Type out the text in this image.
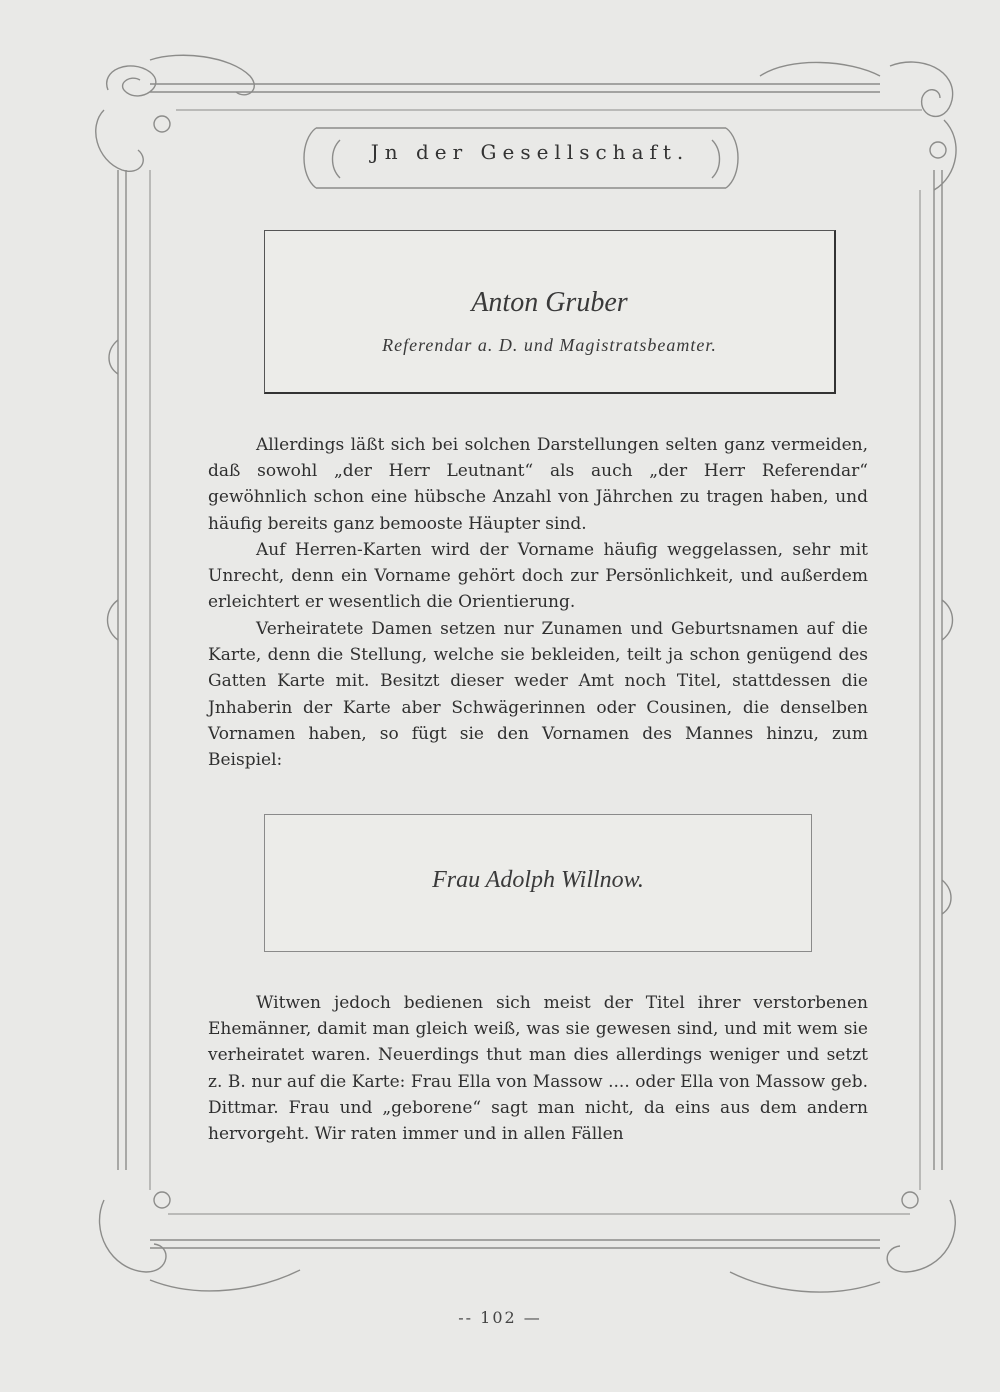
Jn der Gesellschaft.
Anton Gruber
Referendar a. D. und Magistratsbeamter.

Allerdings läßt sich bei solchen Darstellungen selten ganz vermeiden, daß sowohl „der Herr Leutnant“ als auch „der Herr Referendar“ gewöhnlich schon eine hübsche Anzahl von Jährchen zu tragen haben, und häufig bereits ganz bemooste Häupter sind.

Auf Herren-Karten wird der Vorname häufig weggelassen, sehr mit Unrecht, denn ein Vorname gehört doch zur Persönlichkeit, und außerdem erleichtert er wesentlich die Orientierung.

Verheiratete Damen setzen nur Zunamen und Geburtsnamen auf die Karte, denn die Stellung, welche sie bekleiden, teilt ja schon genügend des Gatten Karte mit. Besitzt dieser weder Amt noch Titel, stattdessen die Jnhaberin der Karte aber Schwägerinnen oder Cousinen, die denselben Vornamen haben, so fügt sie den Vornamen des Mannes hinzu, zum Beispiel:

Frau Adolph Willnow.

Witwen jedoch bedienen sich meist der Titel ihrer verstorbenen Ehemänner, damit man gleich weiß, was sie gewesen sind, und mit wem sie verheiratet waren. Neuerdings thut man dies allerdings weniger und setzt z. B. nur auf die Karte: Frau Ella von Massow .... oder Ella von Massow geb. Dittmar. Frau und „geborene“ sagt man nicht, da eins aus dem andern hervorgeht. Wir raten immer und in allen Fällen

-- 102 —
